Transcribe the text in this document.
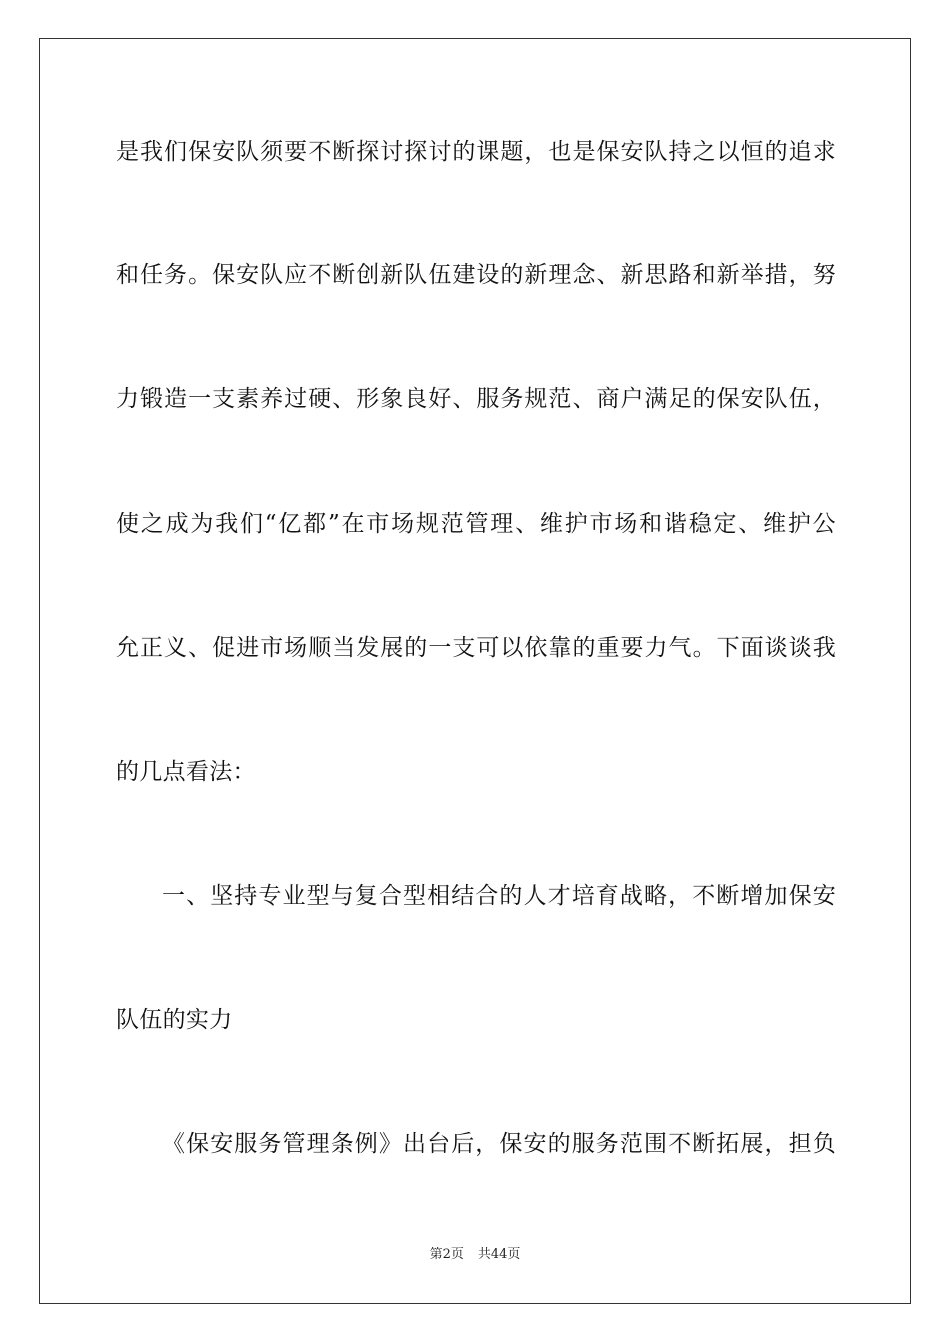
是我们保安队须要不断探讨探讨的课题，也是保安队持之以恒的追求
和任务。保安队应不断创新队伍建设的新理念、新思路和新举措，努
力锻造一支素养过硬、形象良好、服务规范、商户满足的保安队伍，
使之成为我们“亿都”在市场规范管理、维护市场和谐稳定、维护公
允正义、促进市场顺当发展的一支可以依靠的重要力气。下面谈谈我
的几点看法：
一、坚持专业型与复合型相结合的人才培育战略，不断增加保安
队伍的实力
《保安服务管理条例》出台后，保安的服务范围不断拓展，担负
第2页 共44页
